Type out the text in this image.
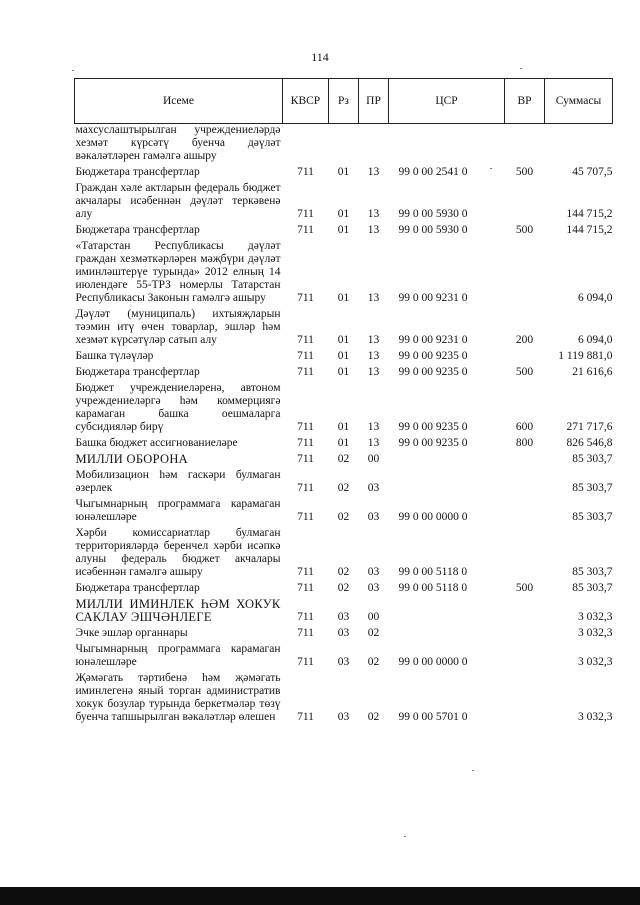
114
Исеме	КВСР	Рз	ПР	ЦСР	ВР	Суммасы
махсуслаштырылган учреждениеләрдә хезмәт күрсәтү буенча дәүләт вәкаләтләрен гамәлгә ашыру						
Бюджетара трансфертлар	711	01	13	99 0 00 2541 0	500	45 707,5
Граждан хәле актларын федераль бюджет акчалары исәбеннән дәүләт теркәвенә алу	711	01	13	99 0 00 5930 0		144 715,2
Бюджетара трансфертлар	711	01	13	99 0 00 5930 0	500	144 715,2
«Татарстан Республикасы дәүләт граждан хезмәткәрләрен мәҗбүри дәүләт иминләштерүе турында» 2012 елның 14 июлендәге 55-ТРЗ номерлы Татарстан Республикасы Законын гамәлгә ашыру	711	01	13	99 0 00 9231 0		6 094,0
Дәүләт (муниципаль) ихтыяҗларын тәэмин итү өчен товарлар, эшләр һәм хезмәт күрсәтүләр сатып алу	711	01	13	99 0 00 9231 0	200	6 094,0
Башка түләүләр	711	01	13	99 0 00 9235 0		1 119 881,0
Бюджетара трансфертлар	711	01	13	99 0 00 9235 0	500	21 616,6
Бюджет учреждениеләренә, автоном учреждениеләргә һәм коммерциягә карамаган башка оешмаларга субсидияләр бирү	711	01	13	99 0 00 9235 0	600	271 717,6
Башка бюджет ассигнованиеләре	711	01	13	99 0 00 9235 0	800	826 546,8
МИЛЛИ ОБОРОНА	711	02	00			85 303,7
Мобилизацион һәм гаскәри булмаган әзерлек	711	02	03			85 303,7
Чыгымнарның программага карамаган юнәлешләре	711	02	03	99 0 00 0000 0		85 303,7
Хәрби комиссариатлар булмаган территорияләрдә беренчел хәрби исәпкә алуны федераль бюджет акчалары исәбеннән гамәлгә ашыру	711	02	03	99 0 00 5118 0		85 303,7
Бюджетара трансфертлар	711	02	03	99 0 00 5118 0	500	85 303,7
МИЛЛИ ИМИНЛЕК ҺӘМ ХОКУК САКЛАУ ЭШЧӘНЛЕГЕ	711	03	00			3 032,3
Эчке эшләр органнары	711	03	02			3 032,3
Чыгымнарның программага карамаган юнәлешләре	711	03	02	99 0 00 0000 0		3 032,3
Җәмәгать тәртибенә һәм җәмәгать иминлегенә яный торган административ хокук бозулар турында беркетмәләр төзү буенча тапшырылган вәкаләтләр өлешен	711	03	02	99 0 00 5701 0		3 032,3
